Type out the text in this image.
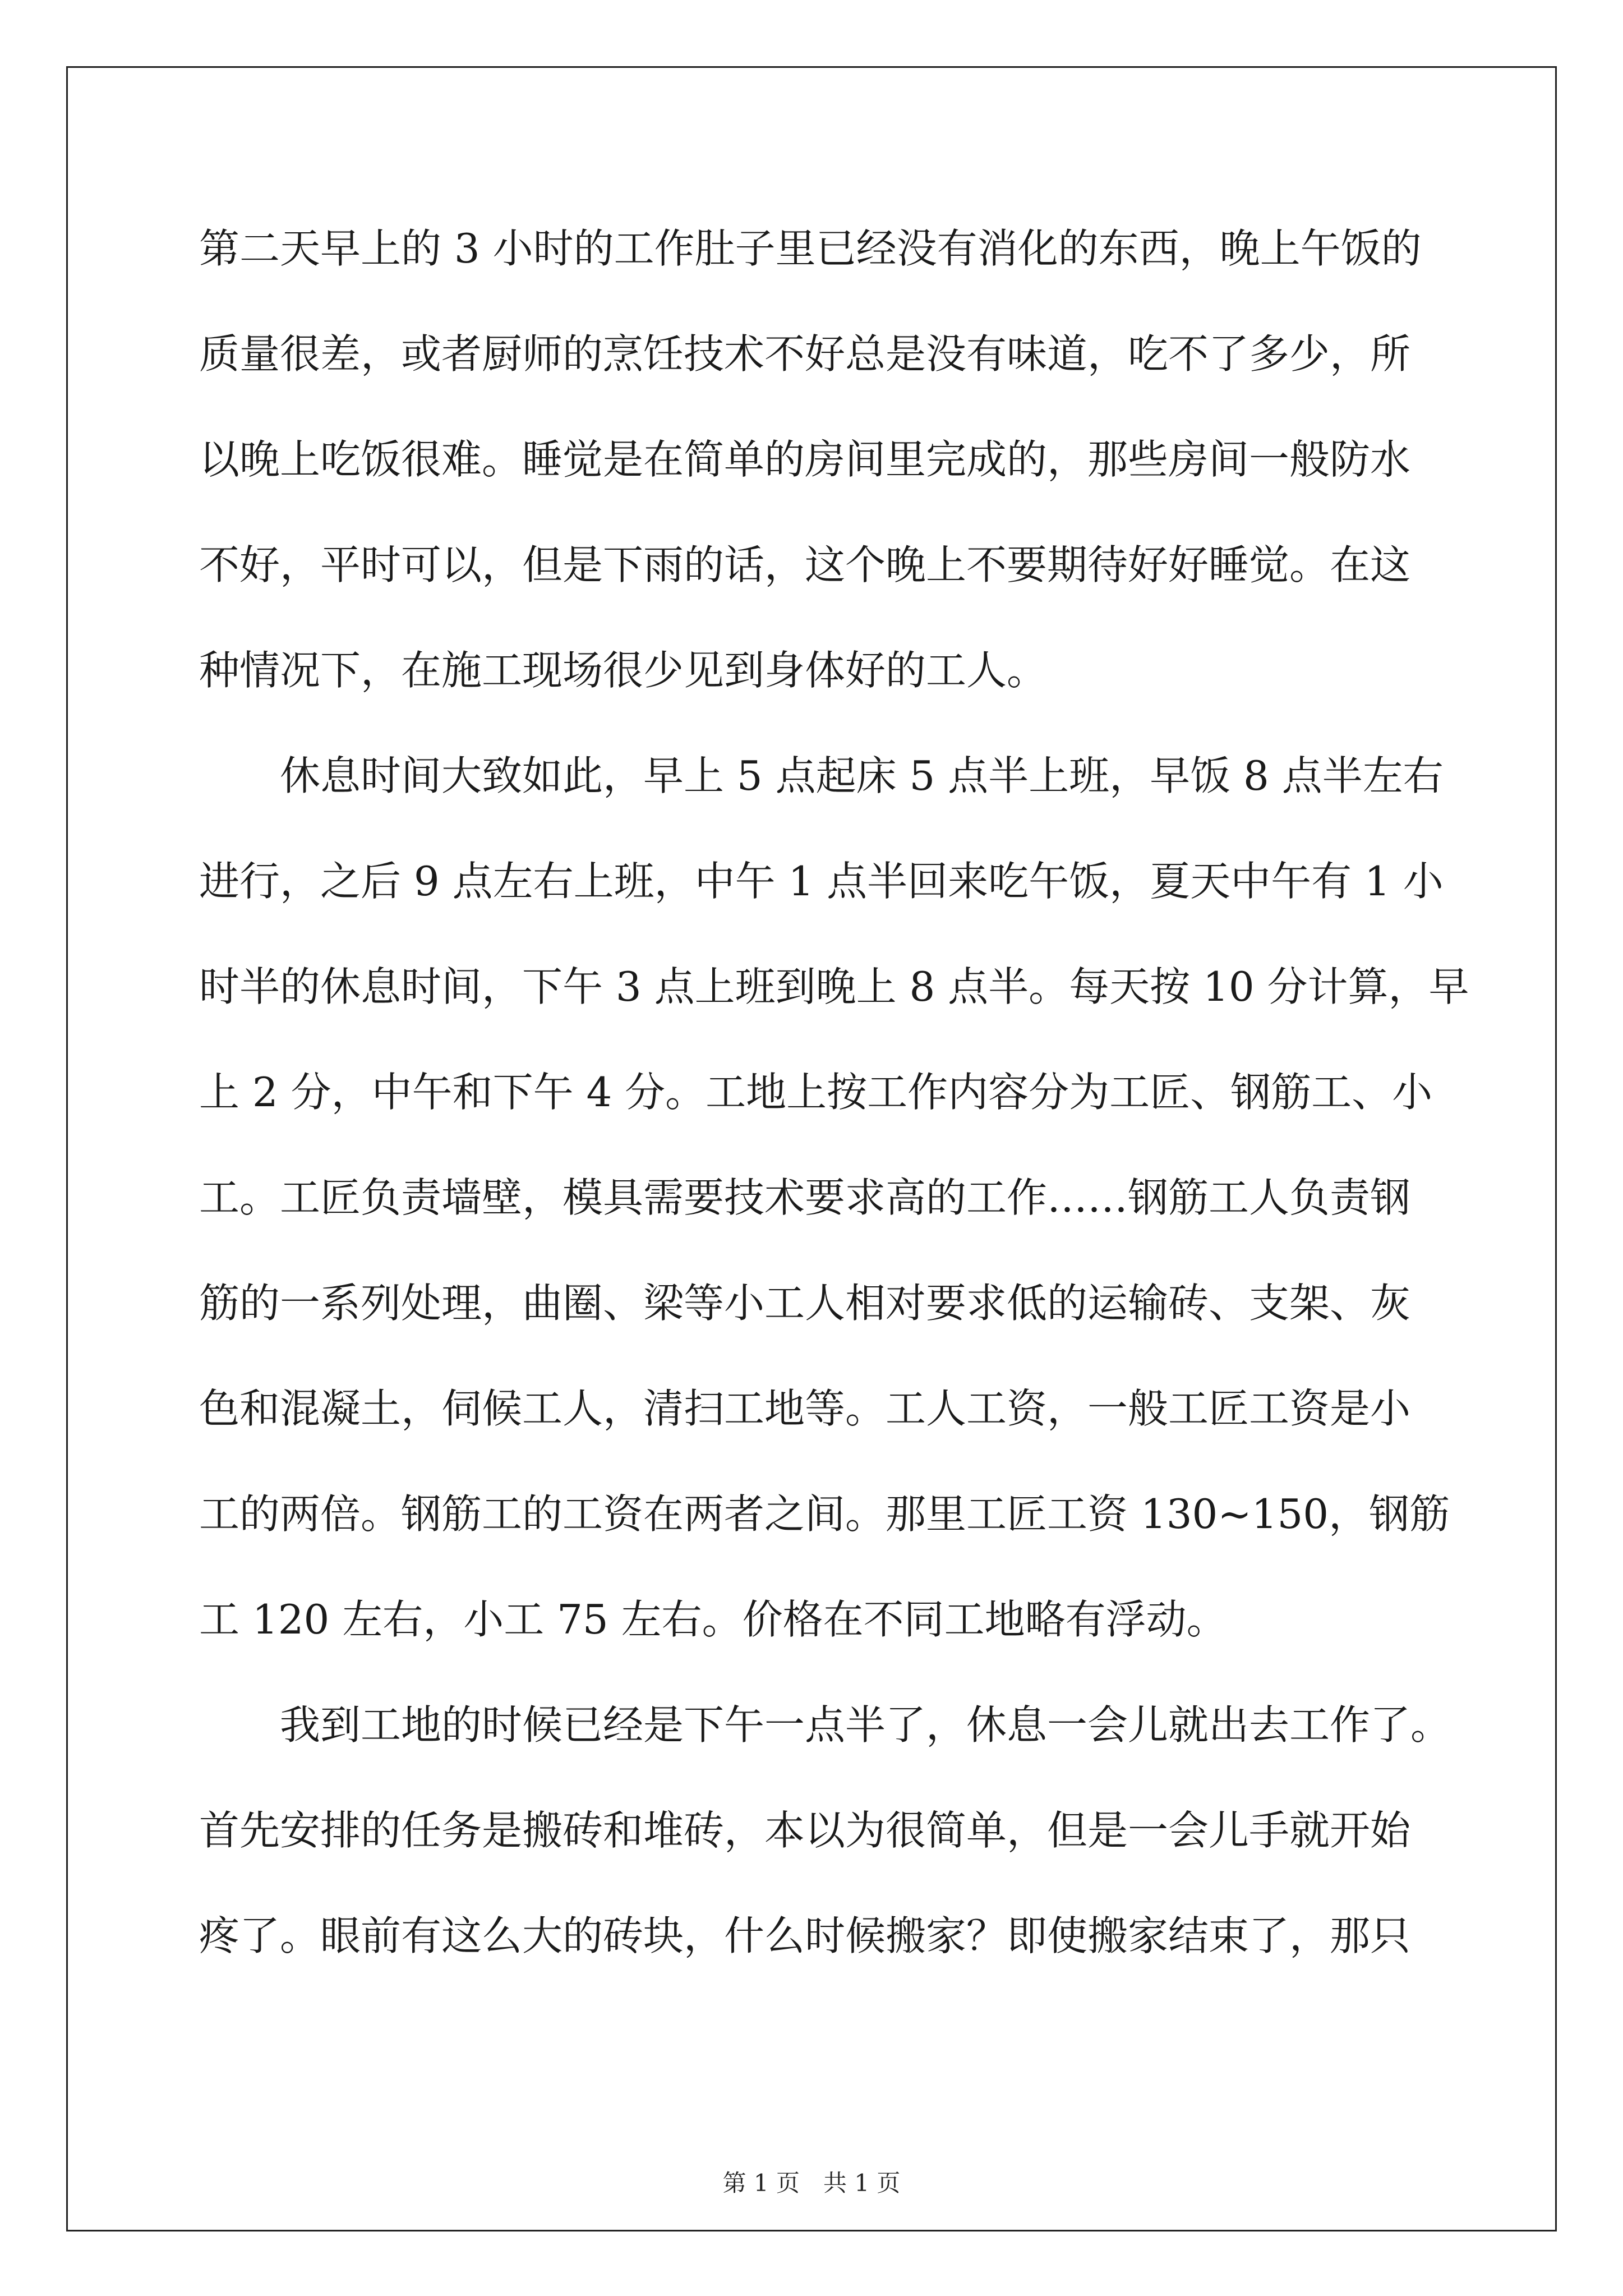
第二天早上的 3 小时的工作肚子里已经没有消化的东西，晚上午饭的
质量很差，或者厨师的烹饪技术不好总是没有味道，吃不了多少，所
以晚上吃饭很难。睡觉是在简单的房间里完成的，那些房间一般防水
不好，平时可以，但是下雨的话，这个晚上不要期待好好睡觉。在这
种情况下，在施工现场很少见到身体好的工人。
　　休息时间大致如此，早上 5 点起床 5 点半上班，早饭 8 点半左右
进行，之后 9 点左右上班，中午 1 点半回来吃午饭，夏天中午有 1 小
时半的休息时间，下午 3 点上班到晚上 8 点半。每天按 10 分计算，早
上 2 分，中午和下午 4 分。工地上按工作内容分为工匠、钢筋工、小
工。工匠负责墙壁，模具需要技术要求高的工作……钢筋工人负责钢
筋的一系列处理，曲圈、梁等小工人相对要求低的运输砖、支架、灰
色和混凝土，伺候工人，清扫工地等。工人工资，一般工匠工资是小
工的两倍。钢筋工的工资在两者之间。那里工匠工资 130~150，钢筋
工 120 左右，小工 75 左右。价格在不同工地略有浮动。
　　我到工地的时候已经是下午一点半了，休息一会儿就出去工作了。
首先安排的任务是搬砖和堆砖，本以为很简单，但是一会儿手就开始
疼了。眼前有这么大的砖块，什么时候搬家？即使搬家结束了，那只
第 1 页　共 1 页
